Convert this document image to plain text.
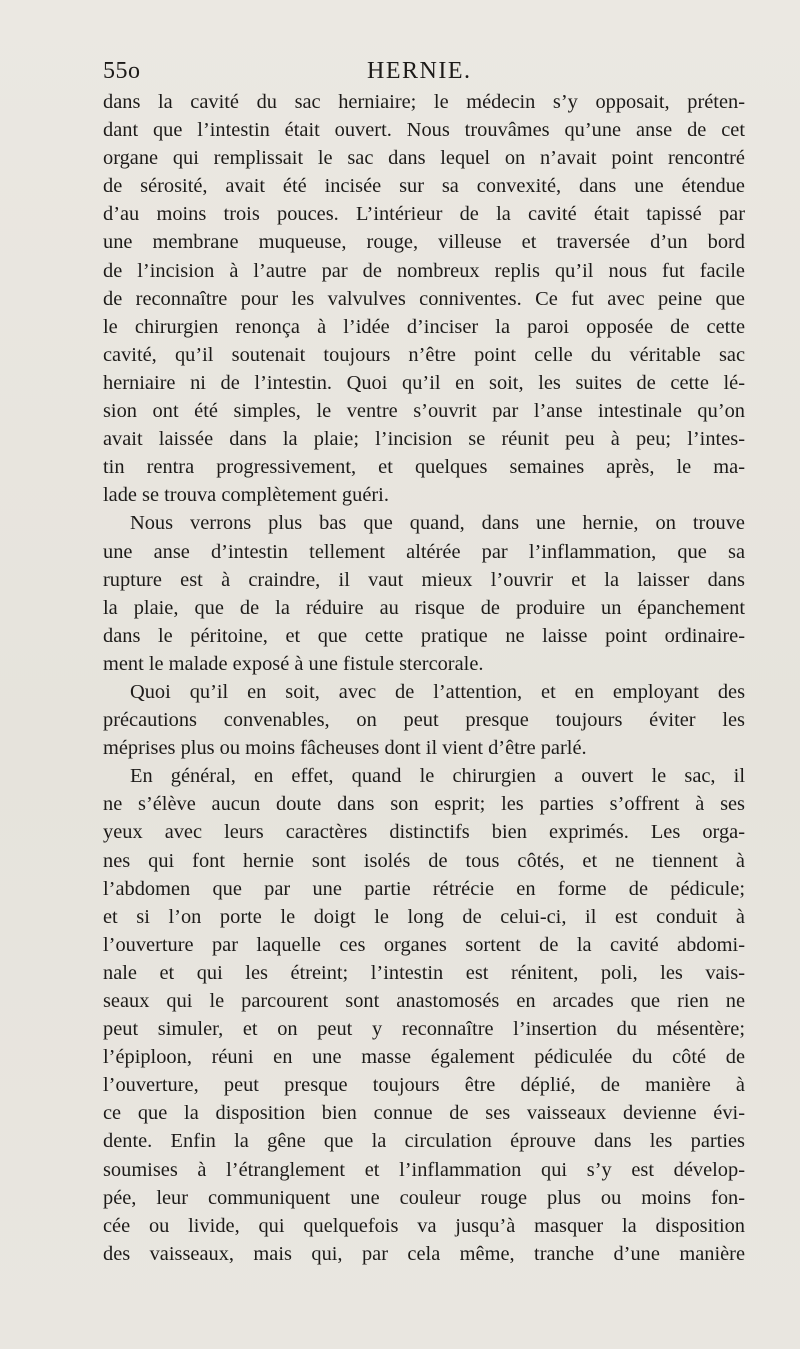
55o	HERNIE.
dans la cavité du sac herniaire; le médecin s’y opposait, préten-
dant que l’intestin était ouvert. Nous trouvâmes qu’une anse de cet
organe qui remplissait le sac dans lequel on n’avait point rencontré
de sérosité, avait été incisée sur sa convexité, dans une étendue
d’au moins trois pouces. L’intérieur de la cavité était tapissé par
une membrane muqueuse, rouge, villeuse et traversée d’un bord
de l’incision à l’autre par de nombreux replis qu’il nous fut facile
de reconnaître pour les valvulves conniventes. Ce fut avec peine que
le chirurgien renonça à l’idée d’inciser la paroi opposée de cette
cavité, qu’il soutenait toujours n’être point celle du véritable sac
herniaire ni de l’intestin. Quoi qu’il en soit, les suites de cette lé-
sion ont été simples, le ventre s’ouvrit par l’anse intestinale qu’on
avait laissée dans la plaie; l’incision se réunit peu à peu; l’intes-
tin rentra progressivement, et quelques semaines après, le ma-
lade se trouva complètement guéri.
Nous verrons plus bas que quand, dans une hernie, on trouve
une anse d’intestin tellement altérée par l’inflammation, que sa
rupture est à craindre, il vaut mieux l’ouvrir et la laisser dans
la plaie, que de la réduire au risque de produire un épanchement
dans le péritoine, et que cette pratique ne laisse point ordinaire-
ment le malade exposé à une fistule stercorale.
Quoi qu’il en soit, avec de l’attention, et en employant des
précautions convenables, on peut presque toujours éviter les
méprises plus ou moins fâcheuses dont il vient d’être parlé.
En général, en effet, quand le chirurgien a ouvert le sac, il
ne s’élève aucun doute dans son esprit; les parties s’offrent à ses
yeux avec leurs caractères distinctifs bien exprimés. Les orga-
nes qui font hernie sont isolés de tous côtés, et ne tiennent à
l’abdomen que par une partie rétrécie en forme de pédicule;
et si l’on porte le doigt le long de celui-ci, il est conduit à
l’ouverture par laquelle ces organes sortent de la cavité abdomi-
nale et qui les étreint; l’intestin est rénitent, poli, les vais-
seaux qui le parcourent sont anastomosés en arcades que rien ne
peut simuler, et on peut y reconnaître l’insertion du mésentère;
l’épiploon, réuni en une masse également pédiculée du côté de
l’ouverture, peut presque toujours être déplié, de manière à
ce que la disposition bien connue de ses vaisseaux devienne évi-
dente. Enfin la gêne que la circulation éprouve dans les parties
soumises à l’étranglement et l’inflammation qui s’y est dévelop-
pée, leur communiquent une couleur rouge plus ou moins fon-
cée ou livide, qui quelquefois va jusqu’à masquer la disposition
des vaisseaux, mais qui, par cela même, tranche d’une manière
